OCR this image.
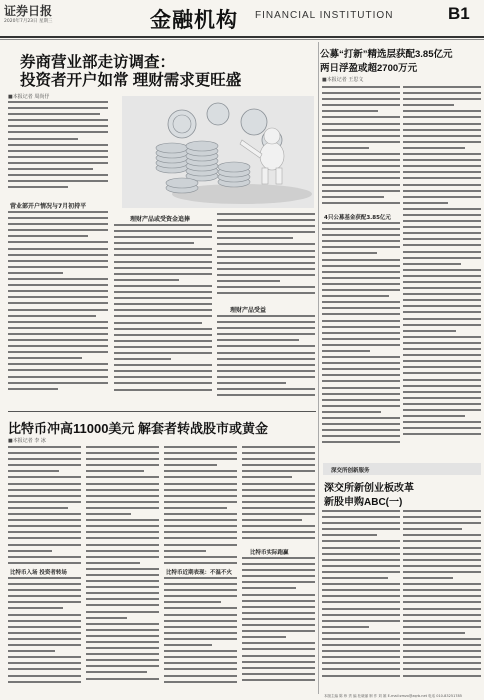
证券日报
2020年7月23日 星期三	金融机构 FINANCIAL INSTITUTION	B1
券商营业部走访调查：
投资者开户如常 理财需求更旺盛
■本报记者 周尚伃
营业部开户情况与7月初持平
理财产品或受资金追捧
理财产品受益
公募“打新”精选层获配3.85亿元
两日浮盈或超2700万元
■本报记者 王思文
4只公募基金获配3.85亿元
比特币冲高11000美元 解套者转战股市或黄金
■本报记者 李 冰
比特币入场 投资者转场	比特币近期表现：不温不火
比特币实际跑赢
深交所创新服务
深交所新创业板改革
新股申购ABC(一)
本版主编 陈 炜 责 编 杜晓丽 制 作 刘 雄 E-mail:zmzx@zqrb.net 电话 010-83251785
